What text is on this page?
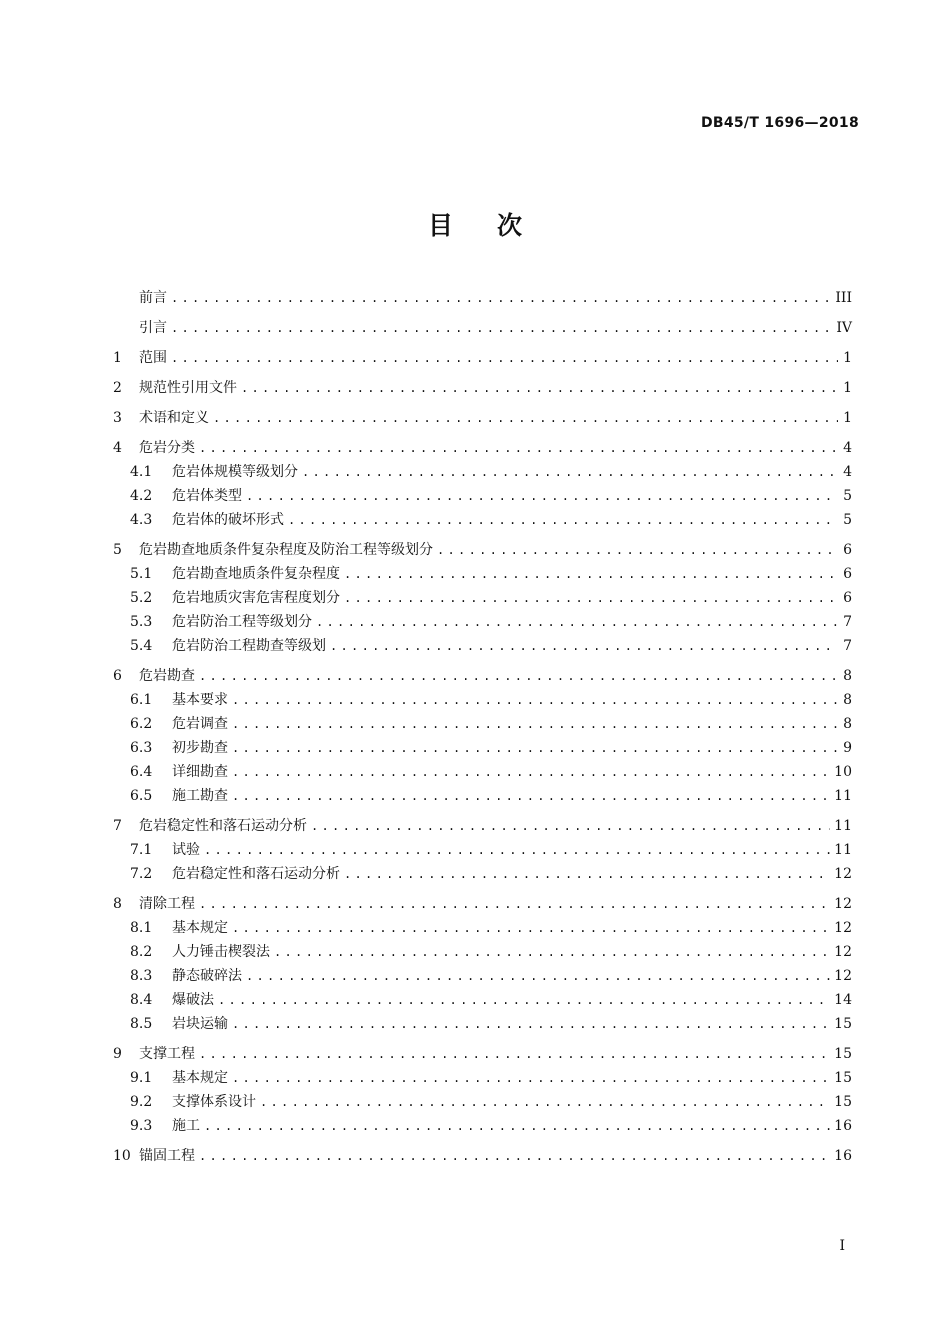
DB45/T 1696—2018
目次
前言 .....	III
引言 .....	IV
1	范围 .....	1
2	规范性引用文件 .....	1
3	术语和定义 .....	1
4	危岩分类 .....	4
4.1	危岩体规模等级划分 .....	4
4.2	危岩体类型 .....	5
4.3	危岩体的破坏形式 .....	5
5	危岩勘查地质条件复杂程度及防治工程等级划分 .....	6
5.1	危岩勘查地质条件复杂程度 .....	6
5.2	危岩地质灾害危害程度划分 .....	6
5.3	危岩防治工程等级划分 .....	7
5.4	危岩防治工程勘查等级划 .....	7
6	危岩勘查 .....	8
6.1	基本要求 .....	8
6.2	危岩调查 .....	8
6.3	初步勘查 .....	9
6.4	详细勘查 .....	10
6.5	施工勘查 .....	11
7	危岩稳定性和落石运动分析 .....	11
7.1	试验 .....	11
7.2	危岩稳定性和落石运动分析 .....	12
8	清除工程 .....	12
8.1	基本规定 .....	12
8.2	人力锤击楔裂法 .....	12
8.3	静态破碎法 .....	12
8.4	爆破法 .....	14
8.5	岩块运输 .....	15
9	支撑工程 .....	15
9.1	基本规定 .....	15
9.2	支撑体系设计 .....	15
9.3	施工 .....	16
10 锚固工程 .....	16
I
